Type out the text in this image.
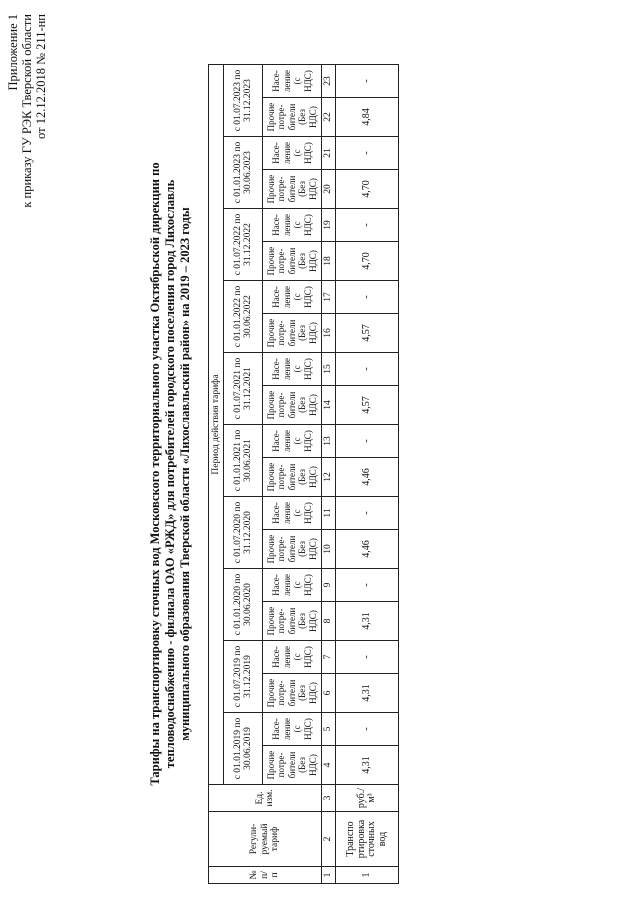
Приложение 1 к приказу ГУ РЭК Тверской области от 12.12.2018 № 211-нп
Тарифы на транспортировку сточных вод Московского территориального участка Октябрьской дирекции по тепловодоснабжению - филиала ОАО «РЖД» для потребителей городского поселения город Лихославль муниципального образования Тверской области «Лихославльский район» на 2019 – 2023 годы
№ п/п	Регули-руемый тариф	Ед. изм.	Период действия тарифа																			
			с 01.01.2019 по 30.06.2019		с 01.07.2019 по 31.12.2019		с 01.01.2020 по 30.06.2020		с 01.07.2020 по 31.12.2020		с 01.01.2021 по 30.06.2021		с 01.07.2021 по 31.12.2021		с 01.01.2022 по 30.06.2022		с 01.07.2022 по 31.12.2022		с 01.01.2023 по 30.06.2023		с 01.07.2023 по 31.12.2023	
			Прочие потре-бители (Без НДС)	Насе-ление (с НДС)	Прочие потре-бители (Без НДС)	Насе-ление (с НДС)	Прочие потре-бители (Без НДС)	Насе-ление (с НДС)	Прочие потре-бители (Без НДС)	Насе-ление (с НДС)	Прочие потре-бители (Без НДС)	Насе-ление (с НДС)	Прочие потре-бители (Без НДС)	Насе-ление (с НДС)	Прочие потре-бители (Без НДС)	Насе-ление (с НДС)	Прочие потре-бители (Без НДС)	Насе-ление (с НДС)	Прочие потре-бители (Без НДС)	Насе-ление (с НДС)	Прочие потре-бители (Без НДС)	Насе-ление (с НДС)
1	2	3	4	5	6	7	8	9	10	11	12	13	14	15	16	17	18	19	20	21	22	23
1	Транспо ртировка сточных вод	руб./м³	4,31	-	4,31	-	4,31	-	4,46	-	4,46	-	4,57	-	4,57	-	4,70	-	4,70	-	4,84	-
